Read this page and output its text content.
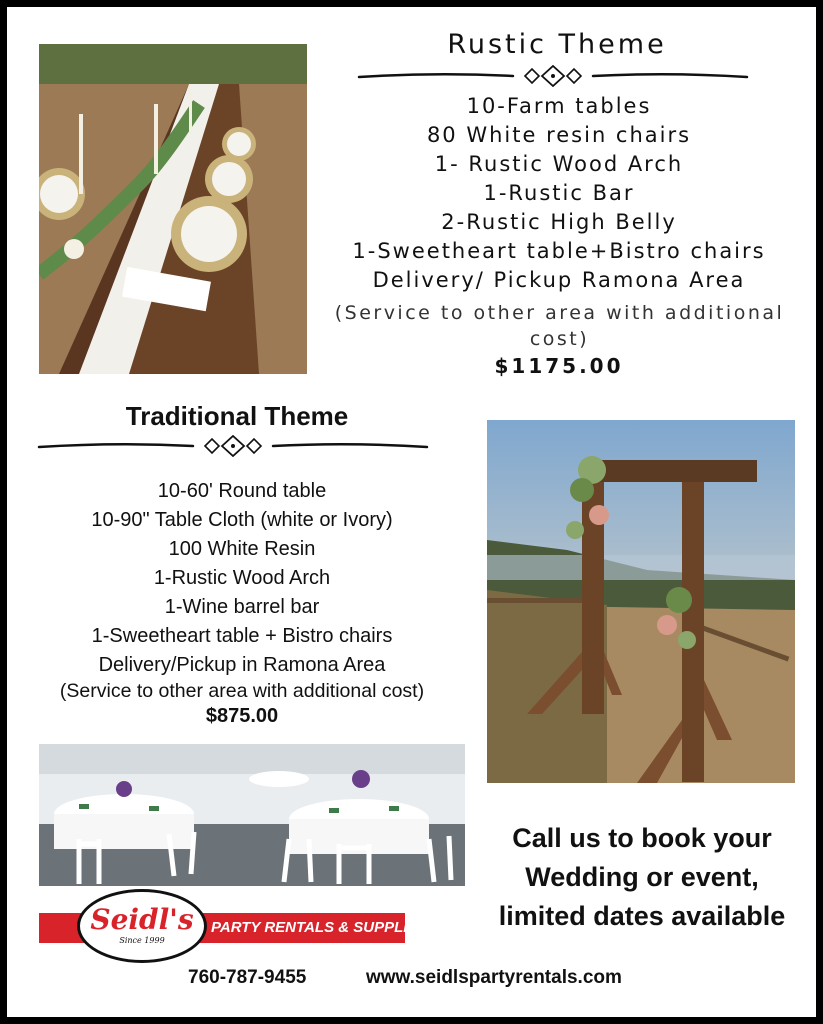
Rustic Theme
10-Farm tables
80 White resin chairs
1- Rustic Wood Arch
1-Rustic Bar
2-Rustic High Belly
1-Sweetheart table+Bistro chairs
Delivery/ Pickup Ramona Area
(Service to other area with additional cost)
$1175.00
Traditional Theme
10-60' Round table
10-90" Table Cloth (white or Ivory)
100 White Resin
1-Rustic Wood Arch
1-Wine barrel bar
1-Sweetheart table + Bistro chairs
Delivery/Pickup in Ramona Area
(Service to other area with additional cost)
$875.00
Call us to book your
Wedding or event,
limited dates available
Seidl's
Since 1999
PARTY RENTALS & SUPPLIES
760-787-9455	www.seidlspartyrentals.com
